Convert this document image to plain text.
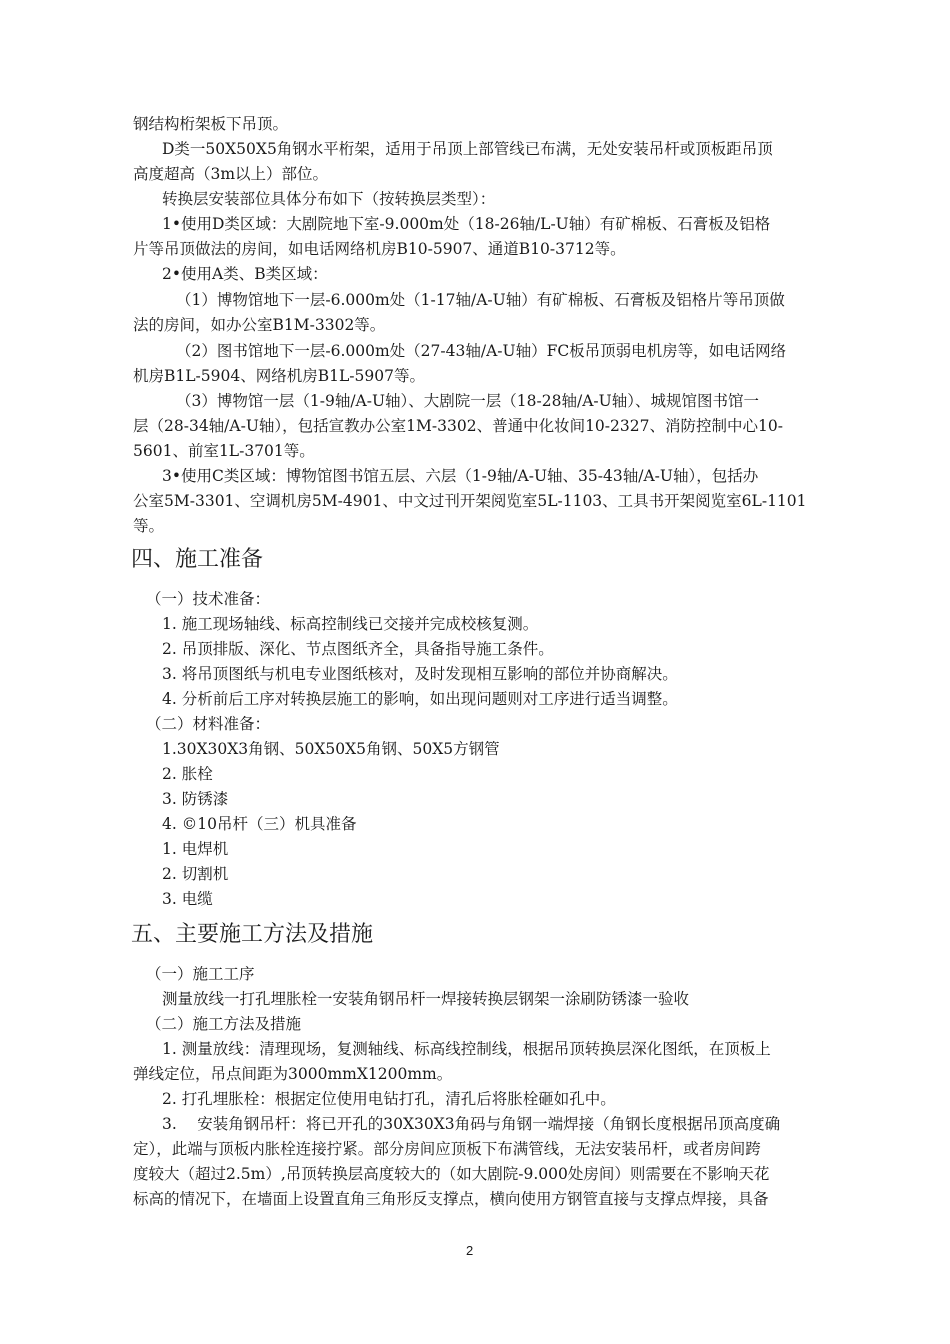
钢结构桁架板下吊顶。
D类一50X50X5角钢水平桁架，适用于吊顶上部管线已布满，无处安装吊杆或顶板距吊顶
高度超高（3m以上）部位。
转换层安装部位具体分布如下（按转换层类型）：
1•使用D类区域：大剧院地下室-9.000m处（18-26轴/L-U轴）有矿棉板、石膏板及铝格
片等吊顶做法的房间，如电话网络机房B10-5907、通道B10-3712等。
2•使用A类、B类区域：
（1）博物馆地下一层-6.000m处（1-17轴/A-U轴）有矿棉板、石膏板及铝格片等吊顶做
法的房间，如办公室B1M-3302等。
（2）图书馆地下一层-6.000m处（27-43轴/A-U轴）FC板吊顶弱电机房等，如电话网络
机房B1L-5904、网络机房B1L-5907等。
（3）博物馆一层（1-9轴/A-U轴）、大剧院一层（18-28轴/A-U轴）、城规馆图书馆一
层（28-34轴/A-U轴），包括宣教办公室1M-3302、普通中化妆间10-2327、消防控制中心10-
5601、前室1L-3701等。
3•使用C类区域：博物馆图书馆五层、六层（1-9轴/A-U轴、35-43轴/A-U轴），包括办
公室5M-3301、空调机房5M-4901、中文过刊开架阅览室5L-1103、工具书开架阅览室6L-1101
等。
四、施工准备
（一）技术准备：
1. 施工现场轴线、标高控制线已交接并完成校核复测。
2. 吊顶排版、深化、节点图纸齐全，具备指导施工条件。
3. 将吊顶图纸与机电专业图纸核对，及时发现相互影响的部位并协商解决。
4. 分析前后工序对转换层施工的影响，如出现问题则对工序进行适当调整。
（二）材料准备：
1.30X30X3角钢、50X50X5角钢、50X5方钢管
2. 胀栓
3. 防锈漆
4. ©10吊杆（三）机具准备
1. 电焊机
2. 切割机
3. 电缆
五、主要施工方法及措施
（一）施工工序
测量放线一打孔埋胀栓一安装角钢吊杆一焊接转换层钢架一涂刷防锈漆一验收
（二）施工方法及措施
1. 测量放线：清理现场，复测轴线、标高线控制线，根据吊顶转换层深化图纸，在顶板上
弹线定位，吊点间距为3000mmX1200mm。
2. 打孔埋胀栓：根据定位使用电钻打孔，清孔后将胀栓砸如孔中。
3.　 安装角钢吊杆：将已开孔的30X30X3角码与角钢一端焊接（角钢长度根据吊顶高度确
定），此端与顶板内胀栓连接拧紧。部分房间应顶板下布满管线，无法安装吊杆，或者房间跨
度较大（超过2.5m）,吊顶转换层高度较大的（如大剧院-9.000处房间）则需要在不影响天花
标高的情况下，在墙面上设置直角三角形反支撑点，横向使用方钢管直接与支撑点焊接，具备
2
